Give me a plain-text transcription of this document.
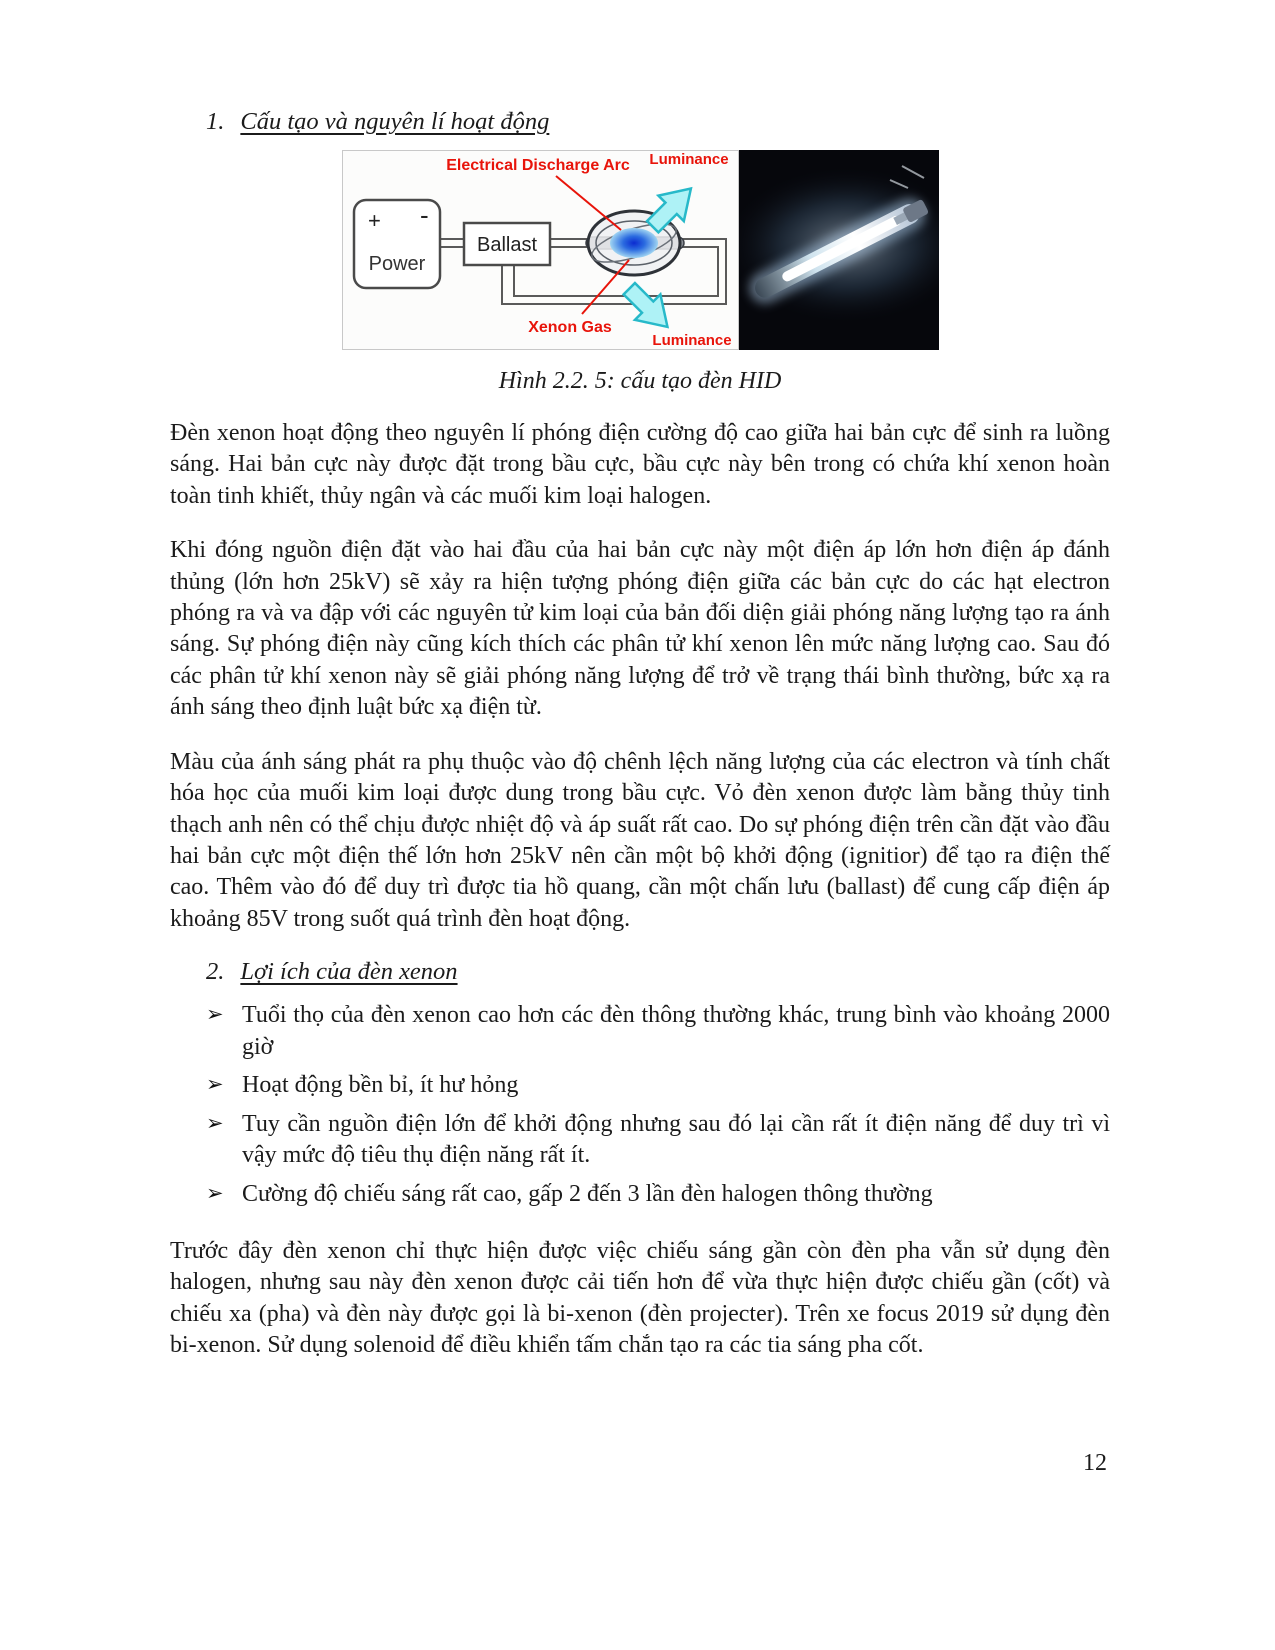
1. Cấu tạo và nguyên lí hoạt động
+ -
Power
Ballast
Electrical Discharge Arc Luminance
Xenon Gas
Luminance
Hình 2.2. 5: cấu tạo đèn HID

Đèn xenon hoạt động theo nguyên lí phóng điện cường độ cao giữa hai bản cực để sinh ra luồng sáng. Hai bản cực này được đặt trong bầu cực, bầu cực này bên trong có chứa khí xenon hoàn toàn tinh khiết, thủy ngân và các muối kim loại halogen.

Khi đóng nguồn điện đặt vào hai đầu của hai bản cực này một điện áp lớn hơn điện áp đánh thủng (lớn hơn 25kV) sẽ xảy ra hiện tượng phóng điện giữa các bản cực do các hạt electron phóng ra và va đập với các nguyên tử kim loại của bản đối diện giải phóng năng lượng tạo ra ánh sáng. Sự phóng điện này cũng kích thích các phân tử khí xenon lên mức năng lượng cao. Sau đó các phân tử khí xenon này sẽ giải phóng năng lượng để trở về trạng thái bình thường, bức xạ ra ánh sáng theo định luật bức xạ điện từ.

Màu của ánh sáng phát ra phụ thuộc vào độ chênh lệch năng lượng của các electron và tính chất hóa học của muối kim loại được dung trong bầu cực. Vỏ đèn xenon được làm bằng thủy tinh thạch anh nên có thể chịu được nhiệt độ và áp suất rất cao. Do sự phóng điện trên cần đặt vào đầu hai bản cực một điện thế lớn hơn 25kV nên cần một bộ khởi động (ignitior) để tạo ra điện thế cao. Thêm vào đó để duy trì được tia hồ quang, cần một chấn lưu (ballast) để cung cấp điện áp khoảng 85V trong suốt quá trình đèn hoạt động.

2. Lợi ích của đèn xenon
➢ Tuổi thọ của đèn xenon cao hơn các đèn thông thường khác, trung bình vào khoảng 2000 giờ
➢ Hoạt động bền bỉ, ít hư hỏng
➢ Tuy cần nguồn điện lớn để khởi động nhưng sau đó lại cần rất ít điện năng để duy trì vì vậy mức độ tiêu thụ điện năng rất ít.
➢ Cường độ chiếu sáng rất cao, gấp 2 đến 3 lần đèn halogen thông thường

Trước đây đèn xenon chỉ thực hiện được việc chiếu sáng gần còn đèn pha vẫn sử dụng đèn halogen, nhưng sau này đèn xenon được cải tiến hơn để vừa thực hiện được chiếu gần (cốt) và chiếu xa (pha) và đèn này được gọi là bi-xenon (đèn projecter). Trên xe focus 2019 sử dụng đèn bi-xenon. Sử dụng solenoid để điều khiển tấm chắn tạo ra các tia sáng pha cốt.

12
